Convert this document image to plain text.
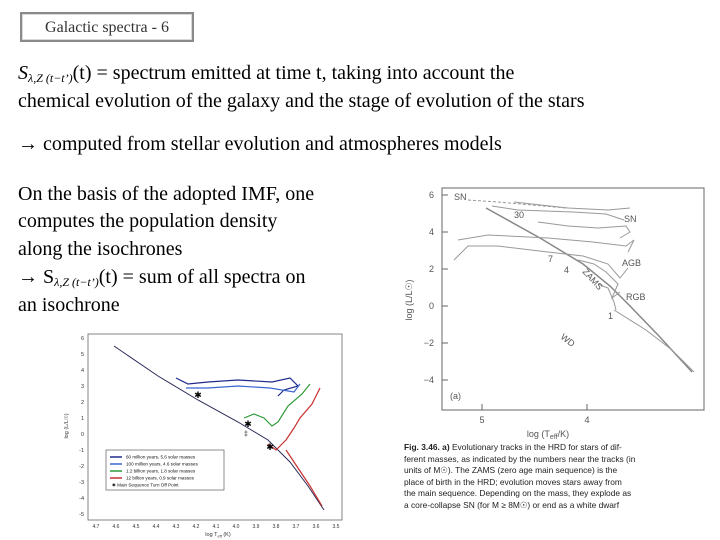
Galactic spectra - 6
$S_{\lambda,Z (t-t’)}(t)$ = spectrum emitted at time t, taking into account the
chemical evolution of the galaxy and the stage of evolution of the stars
→ computed from stellar evolution and atmospheres models
On the basis of the adopted IMF, one
computes the population density
along the isochrones
→ $S_{\lambda,Z (t-t’)}(t)$ = sum of all spectra on
an isochrone
6
4
2
0
−2
−4
5	4
log (L/L☉)
$\log (T_{eff}/K)$
(a)
SN
30	SN
7
4
AGB
RGB
1
ZAMS
WD
Fig. 3.46. a) Evolutionary tracks in the HRD for stars of dif-
ferent masses, as indicated by the numbers near the tracks (in
units of M☉). The ZAMS (zero age main sequence) is the
place of birth in the HRD; evolution moves stars away from
the main sequence. Depending on the mass, they explode as
a core-collapse SN (for M ≥ 8M☉) or end as a white dwarf
6
5
4
3
2
1
0
-1
-2
-3
-4
-5
4.7	4.6	4.5	4.4	4.3	4.2	4.1	4.0	3.9	3.8	3.7	3.6	3.5
log (L/L☉)
$\log T_{eff}$ (K)
✱
✱
✱
‡
60 million years, 5.6 solar masses
100 million years, 4.6 solar masses
1.2 billion years, 1.8 solar masses
12 billion years, 0.9 solar masses
✱ Main Sequence Turn Off Point
